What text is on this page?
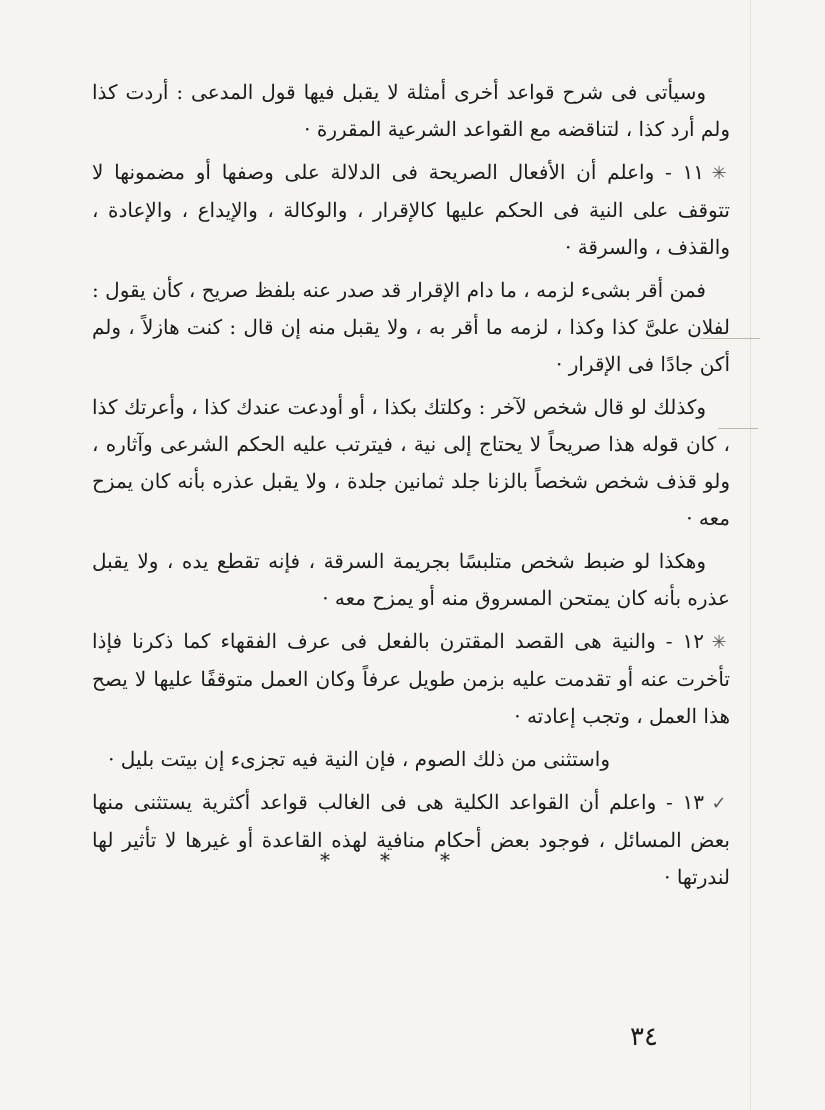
وسيأتى فى شرح قواعد أخرى أمثلة لا يقبل فيها قول المدعى : أردت كذا ولم أرد كذا ، لتناقضه مع القواعد الشرعية المقررة ·

✳١١ - واعلم أن الأفعال الصريحة فى الدلالة على وصفها أو مضمونها لا تتوقف على النية فى الحكم عليها كالإقرار ، والوكالة ، والإيداع ، والإعادة ، والقذف ، والسرقة ·

فمن أقر بشىء لزمه ، ما دام الإقرار قد صدر عنه بلفظ صريح ، كأن يقول : لفلان علىَّ كذا وكذا ، لزمه ما أقر به ، ولا يقبل منه إن قال : كنت هازلاً ، ولم أكن جادًا فى الإقرار ·

وكذلك لو قال شخص لآخر : وكلتك بكذا ، أو أودعت عندك كذا ، وأعرتك كذا ، كان قوله هذا صريحاً لا يحتاج إلى نية ، فيترتب عليه الحكم الشرعى وآثاره ، ولو قذف شخص شخصاً بالزنا جلد ثمانين جلدة ، ولا يقبل عذره بأنه كان يمزح معه ·

وهكذا لو ضبط شخص متلبسًا بجريمة السرقة ، فإنه تقطع يده ، ولا يقبل عذره بأنه كان يمتحن المسروق منه أو يمزح معه ·

✳١٢ - والنية هى القصد المقترن بالفعل فى عرف الفقهاء كما ذكرنا فإذا تأخرت عنه أو تقدمت عليه بزمن طويل عرفاً وكان العمل متوقفًا عليها لا يصح هذا العمل ، وتجب إعادته ·

واستثنى من ذلك الصوم ، فإن النية فيه تجزىء إن بيتت بليل ·

✓١٣ - واعلم أن القواعد الكلية هى فى الغالب قواعد أكثرية يستثنى منها بعض المسائل ، فوجود بعض أحكام منافية لهذه القاعدة أو غيرها لا تأثير لها لندرتها ·

*	*	*
٣٤
